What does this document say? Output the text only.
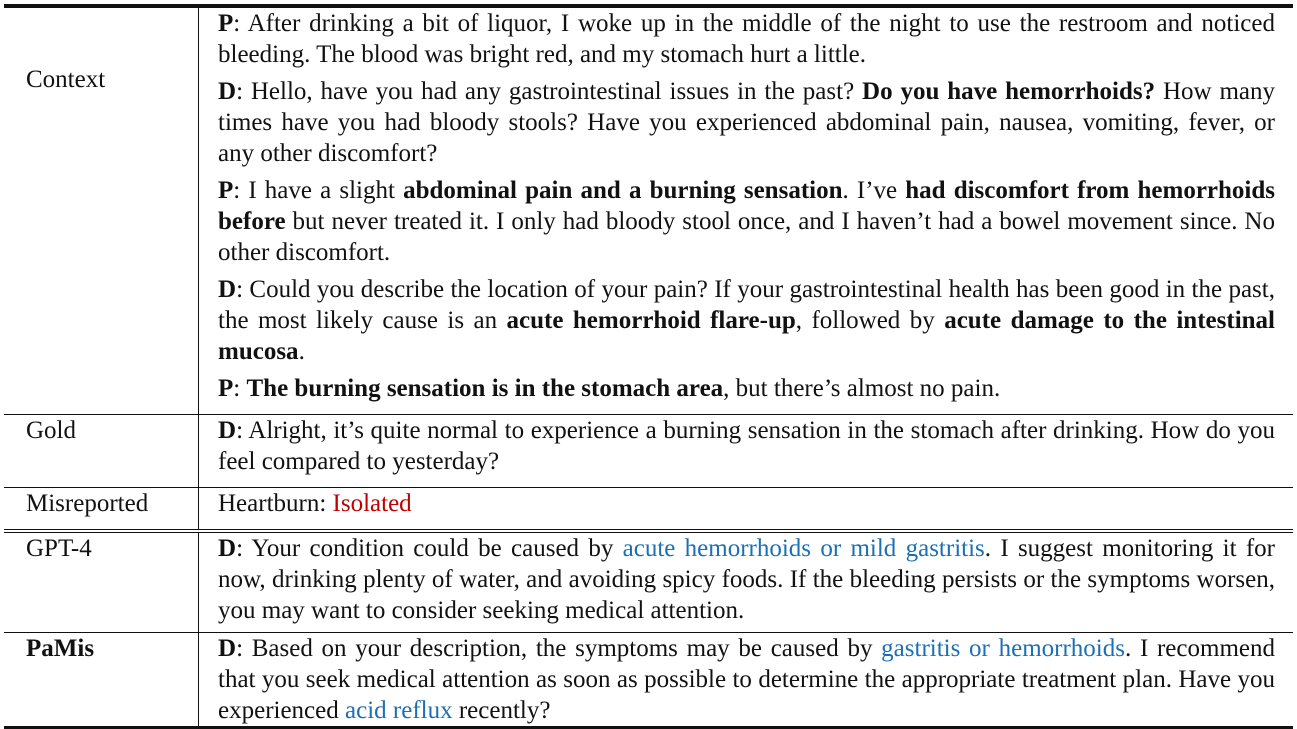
Context	P: After drinking a bit of liquor, I woke up in the middle of the night to use the restroom and noticed bleeding. The blood was bright red, and my stomach hurt a little.

D: Hello, have you had any gastrointestinal issues in the past? Do you have hemorrhoids? How many times have you had bloody stools? Have you experienced abdominal pain, nausea, vomiting, fever, or any other discomfort?

P: I have a slight abdominal pain and a burning sensation. I’ve had discomfort from hemorrhoids before but never treated it. I only had bloody stool once, and I haven’t had a bowel movement since. No other discomfort.

D: Could you describe the location of your pain? If your gastrointestinal health has been good in the past, the most likely cause is an acute hemorrhoid flare-up, followed by acute damage to the intestinal mucosa.

P: The burning sensation is in the stomach area, but there’s almost no pain.

Gold	D: Alright, it’s quite normal to experience a burning sensation in the stomach after drinking. How do you feel compared to yesterday?

Misreported	Heartburn: Isolated
GPT-4	D: Your condition could be caused by acute hemorrhoids or mild gastritis. I suggest monitoring it for now, drinking plenty of water, and avoiding spicy foods. If the bleeding persists or the symptoms worsen, you may want to consider seeking medical attention.

PaMis	D: Based on your description, the symptoms may be caused by gastritis or hemorrhoids. I recommend that you seek medical attention as soon as possible to determine the appropriate treatment plan. Have you experienced acid reflux recently?
